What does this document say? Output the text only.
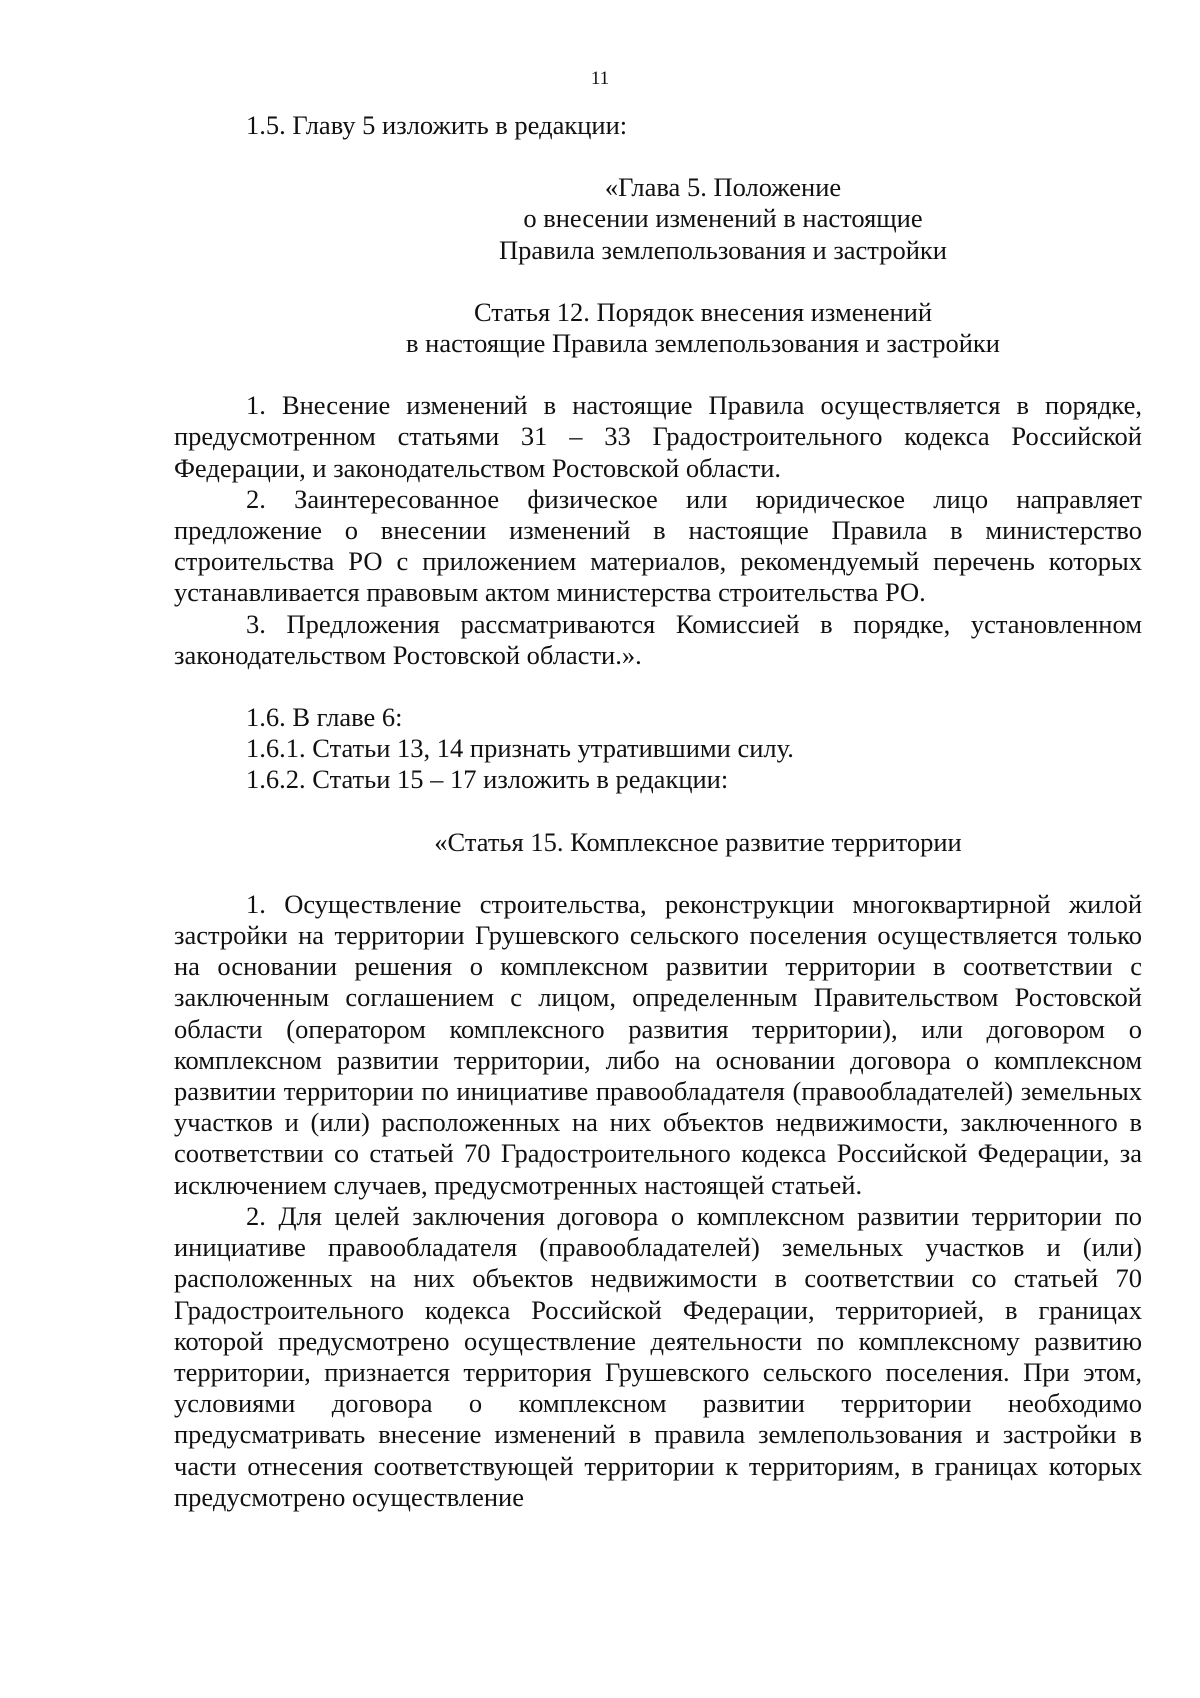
11

1.5. Главу 5 изложить в редакции:

«Глава 5. Положение

о внесении изменений в настоящие

Правила землепользования и застройки

Статья 12. Порядок внесения изменений

в настоящие Правила землепользования и застройки

1. Внесение изменений в настоящие Правила осуществляется в порядке, предусмотренном статьями 31 – 33 Градостроительного кодекса Российской Федерации, и законодательством Ростовской области.

2. Заинтересованное физическое или юридическое лицо направляет предложение о внесении изменений в настоящие Правила в министерство строительства РО с приложением материалов, рекомендуемый перечень которых устанавливается правовым актом министерства строительства РО.

3. Предложения рассматриваются Комиссией в порядке, установленном законодательством Ростовской области.».

1.6. В главе 6:

1.6.1. Статьи 13, 14 признать утратившими силу.

1.6.2. Статьи 15 – 17 изложить в редакции:

«Статья 15. Комплексное развитие территории

1. Осуществление строительства, реконструкции многоквартирной жилой застройки на территории Грушевского сельского поселения осуществляется только на основании решения о комплексном развитии территории в соответствии с заключенным соглашением с лицом, определенным Правительством Ростовской области (оператором комплексного развития территории), или договором о комплексном развитии территории, либо на основании договора о комплексном развитии территории по инициативе правообладателя (правообладателей) земельных участков и (или) расположенных на них объектов недвижимости, заключенного в соответствии со статьей 70 Градостроительного кодекса Российской Федерации, за исключением случаев, предусмотренных настоящей статьей.

2. Для целей заключения договора о комплексном развитии территории по инициативе правообладателя (правообладателей) земельных участков и (или) расположенных на них объектов недвижимости в соответствии со статьей 70 Градостроительного кодекса Российской Федерации, территорией, в границах которой предусмотрено осуществление деятельности по комплексному развитию территории, признается территория Грушевского сельского поселения. При этом, условиями договора о комплексном развитии территории необходимо предусматривать внесение изменений в правила землепользования и застройки в части отнесения соответствующей территории к территориям, в границах которых предусмотрено осуществление
